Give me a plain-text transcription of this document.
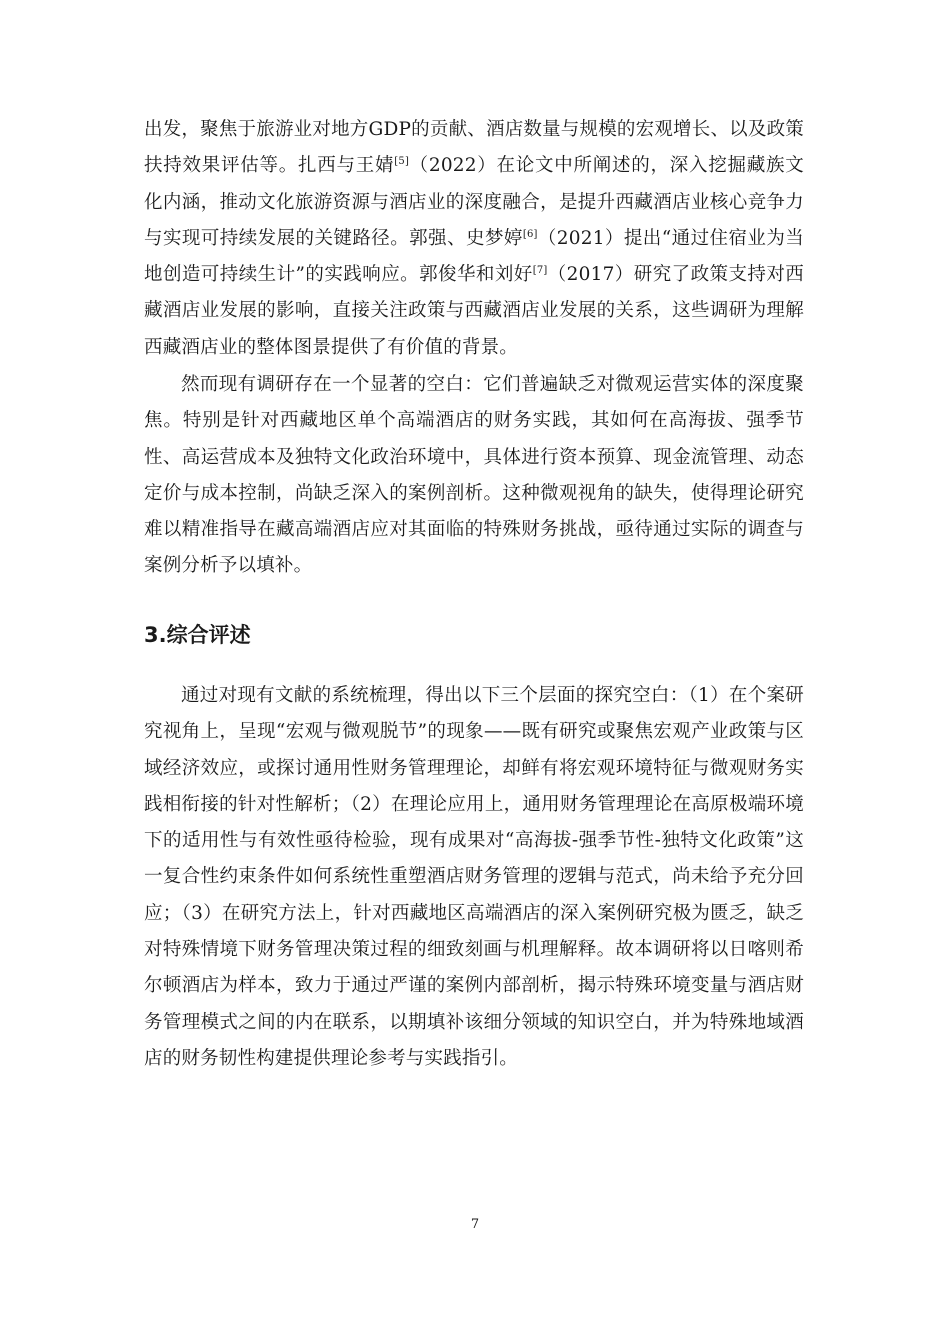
出发，聚焦于旅游业对地方GDP的贡献、酒店数量与规模的宏观增长、以及政策扶持效果评估等。扎西与王婧[5]（2022）在论文中所阐述的，深入挖掘藏族文化内涵，推动文化旅游资源与酒店业的深度融合，是提升西藏酒店业核心竞争力与实现可持续发展的关键路径。郭强、史梦婷[6]（2021）提出“通过住宿业为当地创造可持续生计”的实践响应。郭俊华和刘好[7]（2017）研究了政策支持对西藏酒店业发展的影响，直接关注政策与西藏酒店业发展的关系，这些调研为理解西藏酒店业的整体图景提供了有价值的背景。

然而现有调研存在一个显著的空白：它们普遍缺乏对微观运营实体的深度聚焦。特别是针对西藏地区单个高端酒店的财务实践，其如何在高海拔、强季节性、高运营成本及独特文化政治环境中，具体进行资本预算、现金流管理、动态定价与成本控制，尚缺乏深入的案例剖析。这种微观视角的缺失，使得理论研究难以精准指导在藏高端酒店应对其面临的特殊财务挑战，亟待通过实际的调查与案例分析予以填补。

3.综合评述

通过对现有文献的系统梳理，得出以下三个层面的探究空白：（1）在个案研究视角上，呈现“宏观与微观脱节”的现象——既有研究或聚焦宏观产业政策与区域经济效应，或探讨通用性财务管理理论，却鲜有将宏观环境特征与微观财务实践相衔接的针对性解析；（2）在理论应用上，通用财务管理理论在高原极端环境下的适用性与有效性亟待检验，现有成果对“高海拔-强季节性-独特文化政策”这一复合性约束条件如何系统性重塑酒店财务管理的逻辑与范式，尚未给予充分回应；（3）在研究方法上，针对西藏地区高端酒店的深入案例研究极为匮乏，缺乏对特殊情境下财务管理决策过程的细致刻画与机理解释。故本调研将以日喀则希尔顿酒店为样本，致力于通过严谨的案例内部剖析，揭示特殊环境变量与酒店财务管理模式之间的内在联系，以期填补该细分领域的知识空白，并为特殊地域酒店的财务韧性构建提供理论参考与实践指引。

7
